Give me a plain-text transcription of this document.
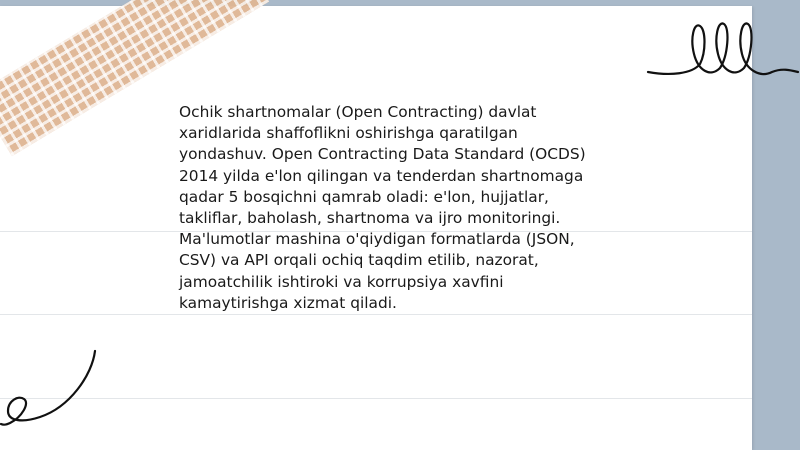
Ochik shartnomalar (Open Contracting) davlat
xaridlarida shaffoflikni oshirishga qaratilgan
yondashuv. Open Contracting Data Standard (OCDS)
2014 yilda e'lon qilingan va tenderdan shartnomaga
qadar 5 bosqichni qamrab oladi: e'lon, hujjatlar,
takliflar, baholash, shartnoma va ijro monitoringi.
Ma'lumotlar mashina o'qiydigan formatlarda (JSON,
CSV) va API orqali ochiq taqdim etilib, nazorat,
jamoatchilik ishtiroki va korrupsiya xavfini
kamaytirishga xizmat qiladi.
